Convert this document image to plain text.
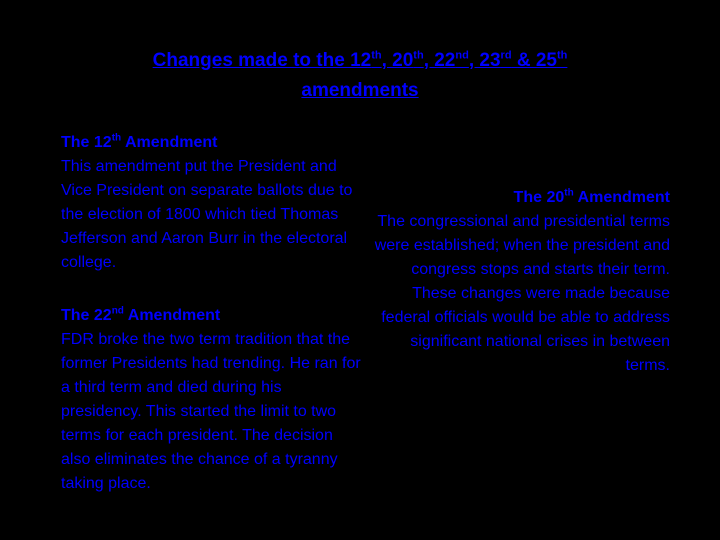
Changes made to the 12th, 20th, 22nd, 23rd & 25th
amendments
The 12th Amendment
This amendment put the President and Vice President on separate ballots due to the election of 1800 which tied Thomas Jefferson and Aaron Burr in the electoral college.
The 22nd Amendment
FDR broke the two term tradition that the former Presidents had trending. He ran for a third term and died during his presidency. This started the limit to two terms for each president. The decision also eliminates the chance of a tyranny taking place.
The 20th Amendment
The congressional and presidential terms were established; when the president and congress stops and starts their term. These changes were made because federal officials would be able to address significant national crises in between terms.
